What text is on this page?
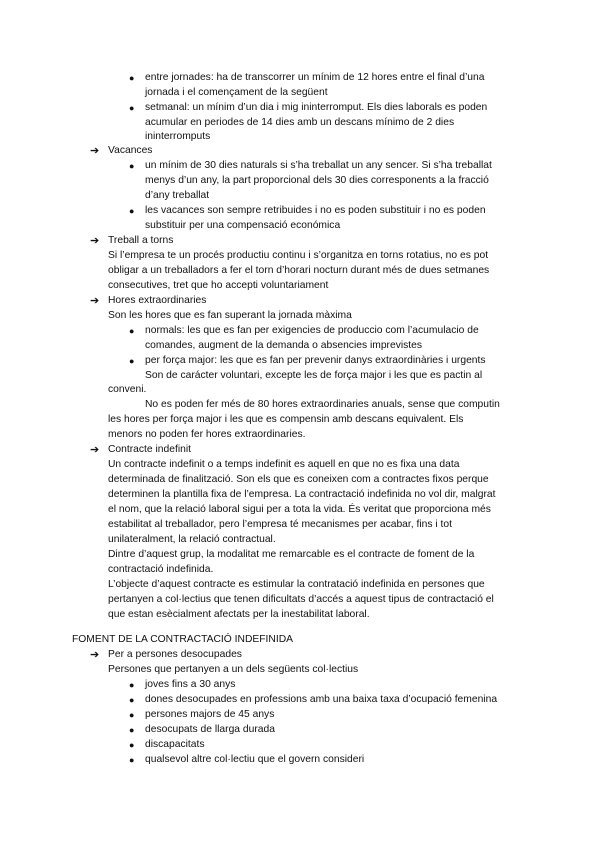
● entre jornades: ha de transcorrer un mínim de 12 hores entre el final d’una
jornada i el començament de la següent
● setmanal: un mínim d’un dia i mig ininterromput. Els dies laborals es poden
acumular en periodes de 14 dies amb un descans mínimo de 2 dies
ininterromputs
➔ Vacances
● un mínim de 30 dies naturals si s’ha treballat un any sencer. Si s’ha treballat
menys d’un any, la part proporcional dels 30 dies corresponents a la fracció
d’any treballat
● les vacances son sempre retribuides i no es poden substituir i no es poden
substituir per una compensació económica
➔ Treball a torns
Si l’empresa te un procés productiu continu i s’organitza en torns rotatius, no es pot
obligar a un treballadors a fer el torn d’horari nocturn durant més de dues setmanes
consecutives, tret que ho accepti voluntariament
➔ Hores extraordinaries
Son les hores que es fan superant la jornada màxima
● normals: les que es fan per exigencies de produccio com l’acumulacio de
comandes, augment de la demanda o absencies imprevistes
● per força major: les que es fan per prevenir danys extraordinàries i urgents
Son de carácter voluntari, excepte les de força major i les que es pactin al
conveni.
No es poden fer més de 80 hores extraordinaries anuals, sense que computin
les hores per força major i les que es compensin amb descans equivalent. Els
menors no poden fer hores extraordinaries.
➔ Contracte indefinit
Un contracte indefinit o a temps indefinit es aquell en que no es fixa una data
determinada de finalització. Son els que es coneixen com a contractes fixos perque
determinen la plantilla fixa de l’empresa. La contractació indefinida no vol dir, malgrat
el nom, que la relació laboral sigui per a tota la vida. És veritat que proporciona més
estabilitat al treballador, pero l’empresa té mecanismes per acabar, fins i tot
unilateralment, la relació contractual.
Dintre d’aquest grup, la modalitat me remarcable es el contracte de foment de la
contractació indefinida.
L’objecte d’aquest contracte es estimular la contratació indefinida en persones que
pertanyen a col·lectius que tenen dificultats d’accés a aquest tipus de contractació el
que estan esècialment afectats per la inestabilitat laboral.
FOMENT DE LA CONTRACTACIÓ INDEFINIDA
➔ Per a persones desocupades
Persones que pertanyen a un dels següents col·lectius
● joves fins a 30 anys
● dones desocupades en professions amb una baixa taxa d’ocupació femenina
● persones majors de 45 anys
● desocupats de llarga durada
● discapacitats
● qualsevol altre col·lectiu que el govern consideri
